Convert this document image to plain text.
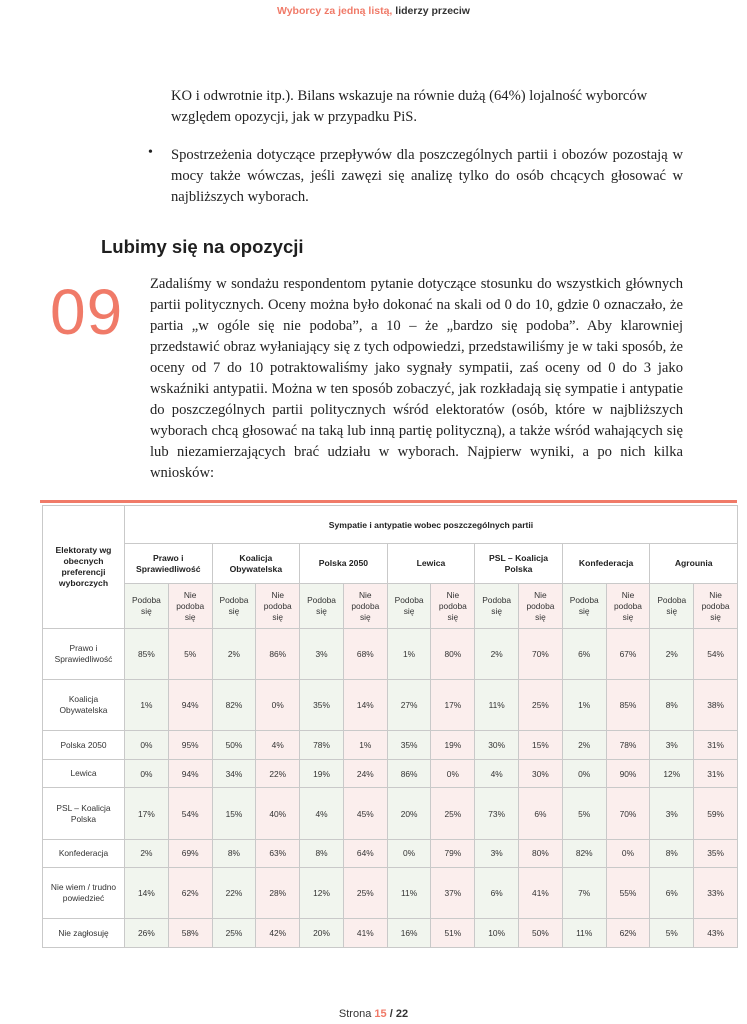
Wyborcy za jedną listą, liderzy przeciw

KO i odwrotnie itp.). Bilans wskazuje na równie dużą (64%) lojalność wyborców względem opozycji, jak w przypadku PiS.

• Spostrzeżenia dotyczące przepływów dla poszczególnych partii i obozów pozostają w mocy także wówczas, jeśli zawęzi się analizę tylko do osób chcących głosować w najbliższych wyborach.

Lubimy się na opozycji
09 Zadaliśmy w sondażu respondentom pytanie dotyczące stosunku do wszystkich głównych partii politycznych. Oceny można było dokonać na skali od 0 do 10, gdzie 0 oznaczało, że partia „w ogóle się nie podoba”, a 10 – że „bardzo się podoba”. Aby klarowniej przedstawić obraz wyłaniający się z tych odpowiedzi, przedstawiliśmy je w taki sposób, że oceny od 7 do 10 potraktowaliśmy jako sygnały sympatii, zaś oceny od 0 do 3 jako wskaźniki antypatii. Można w ten sposób zobaczyć, jak rozkładają się sympatie i antypatie do poszczególnych partii politycznych wśród elektoratów (osób, które w najbliższych wyborach chcą głosować na taką lub inną partię polityczną), a także wśród wahających się lub niezamierzających brać udziału w wyborach. Najpierw wyniki, a po nich kilka wniosków:

Elektoraty wg obecnych preferencji wyborczych	Sympatie i antypatie wobec poszczególnych partii													
	Prawo i Sprawiedliwość		Koalicja Obywatelska		Polska 2050		Lewica		PSL – Koalicja Polska		Konfederacja		Agrounia	
	Podoba się	Nie podoba się	Podoba się	Nie podoba się	Podoba się	Nie podoba się	Podoba się	Nie podoba się	Podoba się	Nie podoba się	Podoba się	Nie podoba się	Podoba się	Nie podoba się
Prawo i Sprawiedliwość	85%	5%	2%	86%	3%	68%	1%	80%	2%	70%	6%	67%	2%	54%
Koalicja Obywatelska	1%	94%	82%	0%	35%	14%	27%	17%	11%	25%	1%	85%	8%	38%
Polska 2050	0%	95%	50%	4%	78%	1%	35%	19%	30%	15%	2%	78%	3%	31%
Lewica	0%	94%	34%	22%	19%	24%	86%	0%	4%	30%	0%	90%	12%	31%
PSL – Koalicja Polska	17%	54%	15%	40%	4%	45%	20%	25%	73%	6%	5%	70%	3%	59%
Konfederacja	2%	69%	8%	63%	8%	64%	0%	79%	3%	80%	82%	0%	8%	35%
Nie wiem / trudno powiedzieć	14%	62%	22%	28%	12%	25%	11%	37%	6%	41%	7%	55%	6%	33%
Nie zagłosuję	26%	58%	25%	42%	20%	41%	16%	51%	10%	50%	11%	62%	5%	43%
Strona 15 / 22
